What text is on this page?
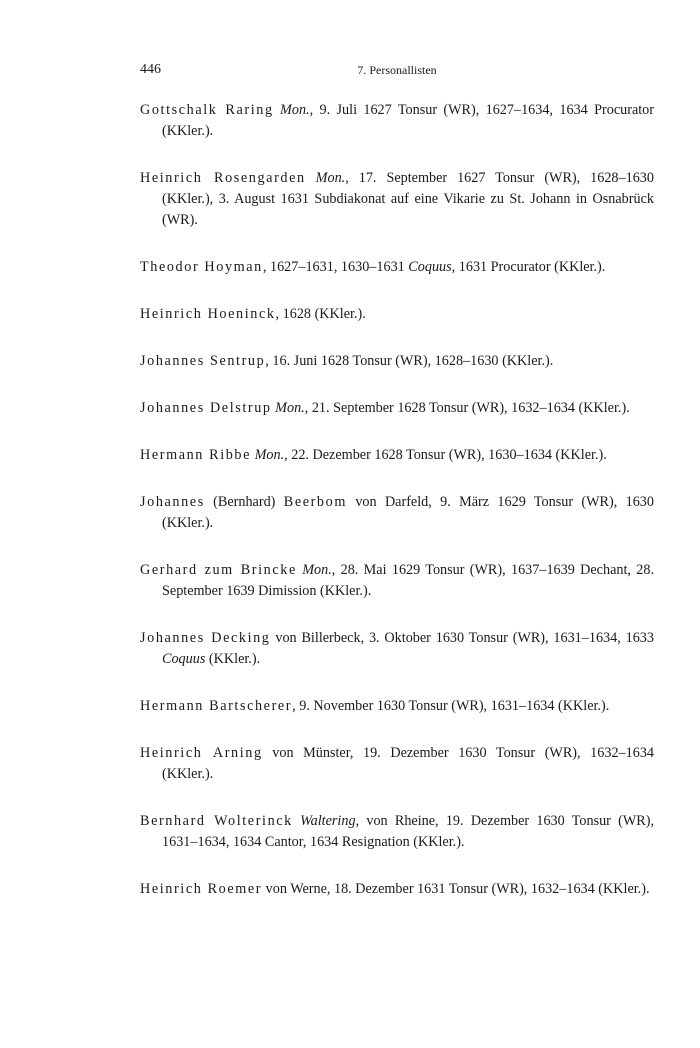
446	7. Personallisten

Gottschalk Raring Mon., 9. Juli 1627 Tonsur (WR), 1627–1634, 1634 Procurator (KKler.).

Heinrich Rosengarden Mon., 17. September 1627 Tonsur (WR), 1628–1630 (KKler.), 3. August 1631 Subdiakonat auf eine Vikarie zu St. Johann in Osnabrück (WR).

Theodor Hoyman, 1627–1631, 1630–1631 Coquus, 1631 Procurator (KKler.).

Heinrich Hoeninck, 1628 (KKler.).

Johannes Sentrup, 16. Juni 1628 Tonsur (WR), 1628–1630 (KKler.).

Johannes Delstrup Mon., 21. September 1628 Tonsur (WR), 1632–1634 (KKler.).

Hermann Ribbe Mon., 22. Dezember 1628 Tonsur (WR), 1630–1634 (KKler.).

Johannes (Bernhard) Beerbom von Darfeld, 9. März 1629 Tonsur (WR), 1630 (KKler.).

Gerhard zum Brincke Mon., 28. Mai 1629 Tonsur (WR), 1637–1639 Dechant, 28. September 1639 Dimission (KKler.).

Johannes Decking von Billerbeck, 3. Oktober 1630 Tonsur (WR), 1631–1634, 1633 Coquus (KKler.).

Hermann Bartscherer, 9. November 1630 Tonsur (WR), 1631–1634 (KKler.).

Heinrich Arning von Münster, 19. Dezember 1630 Tonsur (WR), 1632–1634 (KKler.).

Bernhard Wolterinck Waltering, von Rheine, 19. Dezember 1630 Tonsur (WR), 1631–1634, 1634 Cantor, 1634 Resignation (KKler.).

Heinrich Roemer von Werne, 18. Dezember 1631 Tonsur (WR), 1632–1634 (KKler.).
